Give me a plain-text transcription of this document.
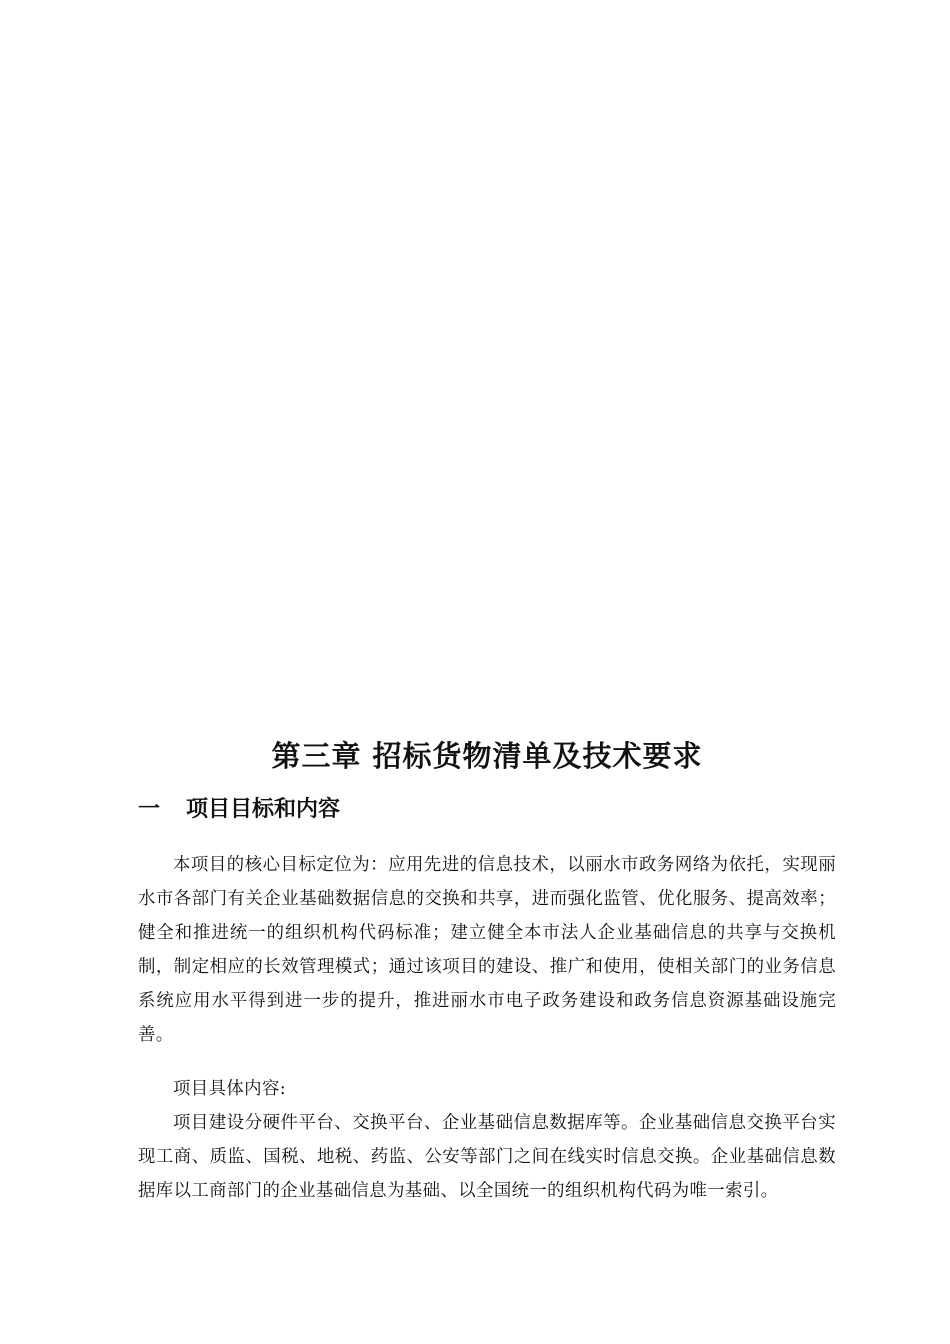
第三章 招标货物清单及技术要求
一 项目目标和内容

本项目的核心目标定位为：应用先进的信息技术，以丽水市政务网络为依托，实现丽水市各部门有关企业基础数据信息的交换和共享，进而强化监管、优化服务、提高效率；健全和推进统一的组织机构代码标准；建立健全本市法人企业基础信息的共享与交换机制，制定相应的长效管理模式；通过该项目的建设、推广和使用，使相关部门的业务信息系统应用水平得到进一步的提升，推进丽水市电子政务建设和政务信息资源基础设施完善。

项目具体内容:

项目建设分硬件平台、交换平台、企业基础信息数据库等。企业基础信息交换平台实现工商、质监、国税、地税、药监、公安等部门之间在线实时信息交换。企业基础信息数据库以工商部门的企业基础信息为基础、以全国统一的组织机构代码为唯一索引。
